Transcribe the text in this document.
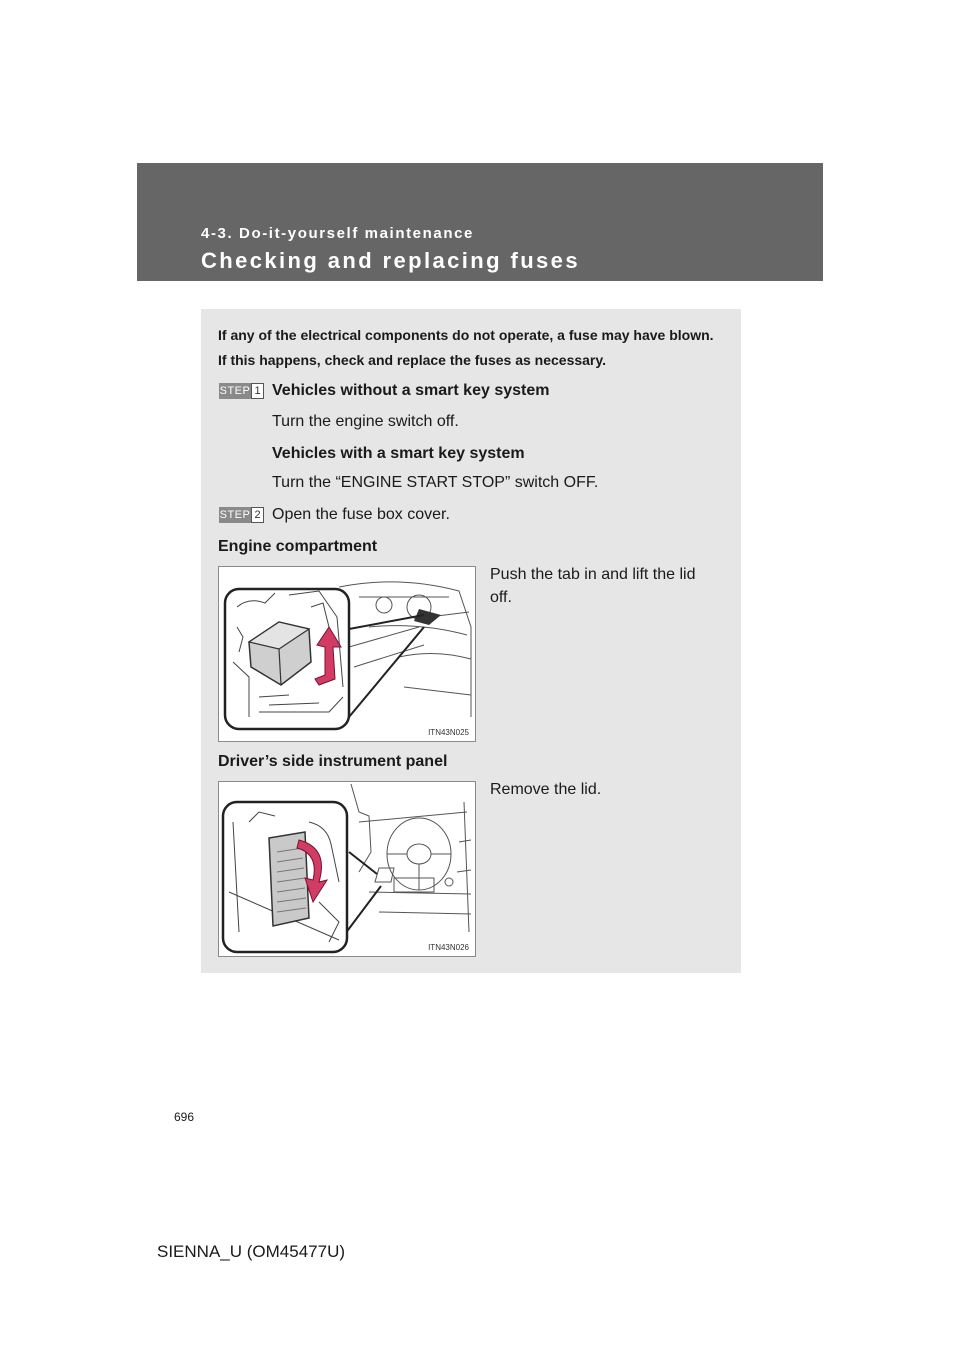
4-3. Do-it-yourself maintenance
Checking and replacing fuses
If any of the electrical components do not operate, a fuse may have blown. If this happens, check and replace the fuses as necessary.
STEP 1 Vehicles without a smart key system
Turn the engine switch off.
Vehicles with a smart key system
Turn the “ENGINE START STOP” switch OFF.
STEP 2 Open the fuse box cover.
Engine compartment
ITN43N025
Push the tab in and lift the lid
off.
Driver’s side instrument panel
ITN43N026
Remove the lid.
696
SIENNA_U (OM45477U)
